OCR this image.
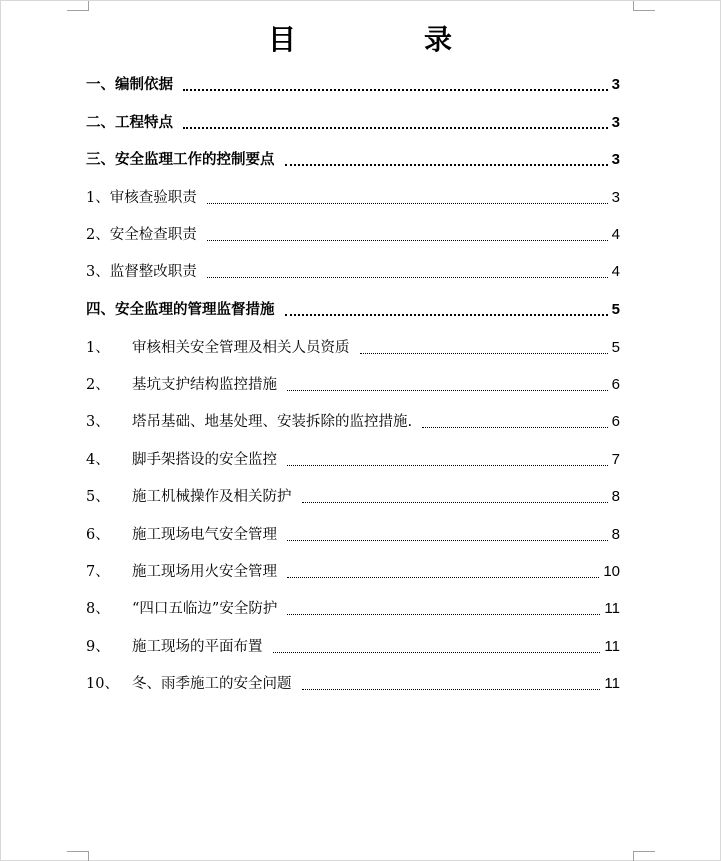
目	录
一、 编制依据	3
二、 工程特点	3
三、 安全监理工作的控制要点	3
1、 审核查验职责	3
2、 安全检查职责	4
3、 监督整改职责	4
四、 安全监理的管理监督措施	5
1、	审核相关安全管理及相关人员资质	5
2、	基坑支护结构监控措施	6
3、	塔吊基础、地基处理、安装拆除的监控措施.	6
4、	脚手架搭设的安全监控	7
5、	施工机械操作及相关防护	8
6、	施工现场电气安全管理	8
7、	施工现场用火安全管理	10
8、	“四口五临边”安全防护	11
9、	施工现场的平面布置	11
10、 冬、雨季施工的安全问题	11
